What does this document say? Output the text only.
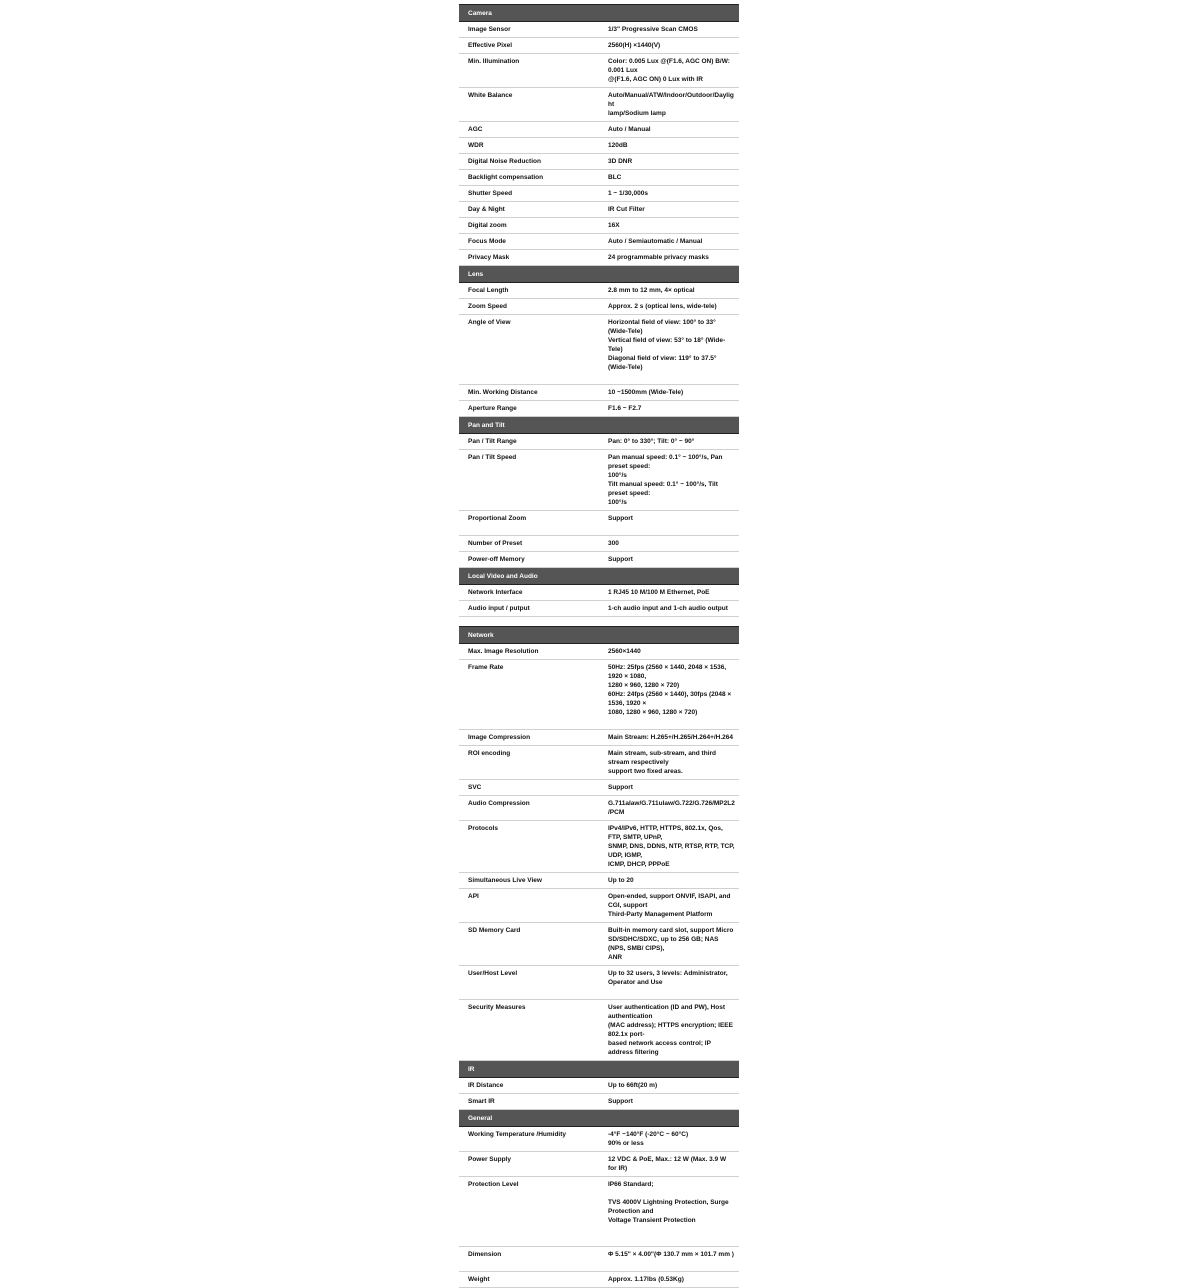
Camera	
Image Sensor	1/3" Progressive Scan CMOS

Effective Pixel	2560(H) ×1440(V)

Min. Illumination	Color: 0.005 Lux @(F1.6, AGC ON) B/W: 0.001 Lux
@(F1.6, AGC ON) 0 Lux with IR

White Balance	Auto/Manual/ATW/Indoor/Outdoor/Daylight
lamp/Sodium lamp

AGC	Auto / Manual

WDR	120dB

Digital Noise Reduction	3D DNR

Backlight compensation	BLC

Shutter Speed	1 ~ 1/30,000s

Day & Night	IR Cut Filter

Digital zoom	16X

Focus Mode	Auto / Semiautomatic / Manual

Privacy Mask	24 programmable privacy masks

Lens	
Focal Length	2.8 mm to 12 mm, 4× optical

Zoom Speed	Approx. 2 s (optical lens, wide-tele)

Angle of View	Horizontal field of view: 100° to 33° (Wide-Tele)
Vertical field of view: 53° to 18° (Wide-Tele)
Diagonal field of view: 119° to 37.5° (Wide-Tele)

Min. Working Distance	10 ~1500mm (Wide-Tele)

Aperture Range	F1.6 ~ F2.7

Pan and Tilt	
Pan / Tilt Range	Pan: 0° to 330°; Tilt: 0° ~ 90°

Pan / Tilt Speed	Pan manual speed: 0.1° ~ 100°/s, Pan preset speed:
100°/s
Tilt manual speed: 0.1° ~ 100°/s, Tilt preset speed:
100°/s

Proportional Zoom	Support

Number of Preset	300

Power-off Memory	Support

Local Video and Audio	
Network Interface	1 RJ45 10 M/100 M Ethernet, PoE

Audio input / putput	1-ch audio input and 1-ch audio output

Network	
Max. Image Resolution	2560×1440

Frame Rate	50Hz: 25fps (2560 × 1440, 2048 × 1536, 1920 × 1080,
1280 × 960, 1280 × 720)
60Hz: 24fps (2560 × 1440), 30fps (2048 × 1536, 1920 ×
1080, 1280 × 960, 1280 × 720)

Image Compression	Main Stream: H.265+/H.265/H.264+/H.264

ROI encoding	Main stream, sub-stream, and third stream respectively
support two fixed areas.

SVC	Support

Audio Compression	G.711alaw/G.711ulaw/G.722/G.726/MP2L2/PCM

Protocols	IPv4/IPv6, HTTP, HTTPS, 802.1x, Qos, FTP, SMTP, UPnP,
SNMP, DNS, DDNS, NTP, RTSP, RTP, TCP, UDP, IGMP,
ICMP, DHCP, PPPoE

Simultaneous Live View	Up to 20

API	Open-ended, support ONVIF, ISAPI, and CGI, support
Third-Party Management Platform

SD Memory Card	Built-in memory card slot, support Micro
SD/SDHC/SDXC, up to 256 GB; NAS (NPS, SMB/ CIPS),
ANR

User/Host Level	Up to 32 users, 3 levels: Administrator, Operator and Use

Security Measures	User authentication (ID and PW), Host authentication
(MAC address); HTTPS encryption; IEEE 802.1x port-
based network access control; IP address filtering

IR	
IR Distance	Up to 66ft(20 m)

Smart IR	Support

General	
Working Temperature /Humidity	-4°F ~140°F (-20°C ~ 60°C)
90% or less

Power Supply	12 VDC & PoE, Max.: 12 W (Max. 3.9 W for IR)

Protection Level	IP66 Standard;
TVS 4000V Lightning Protection, Surge Protection and
Voltage Transient Protection

Dimension	Φ 5.15" × 4.00"(Φ 130.7 mm × 101.7 mm )

Weight	Approx. 1.17lbs (0.53Kg)
